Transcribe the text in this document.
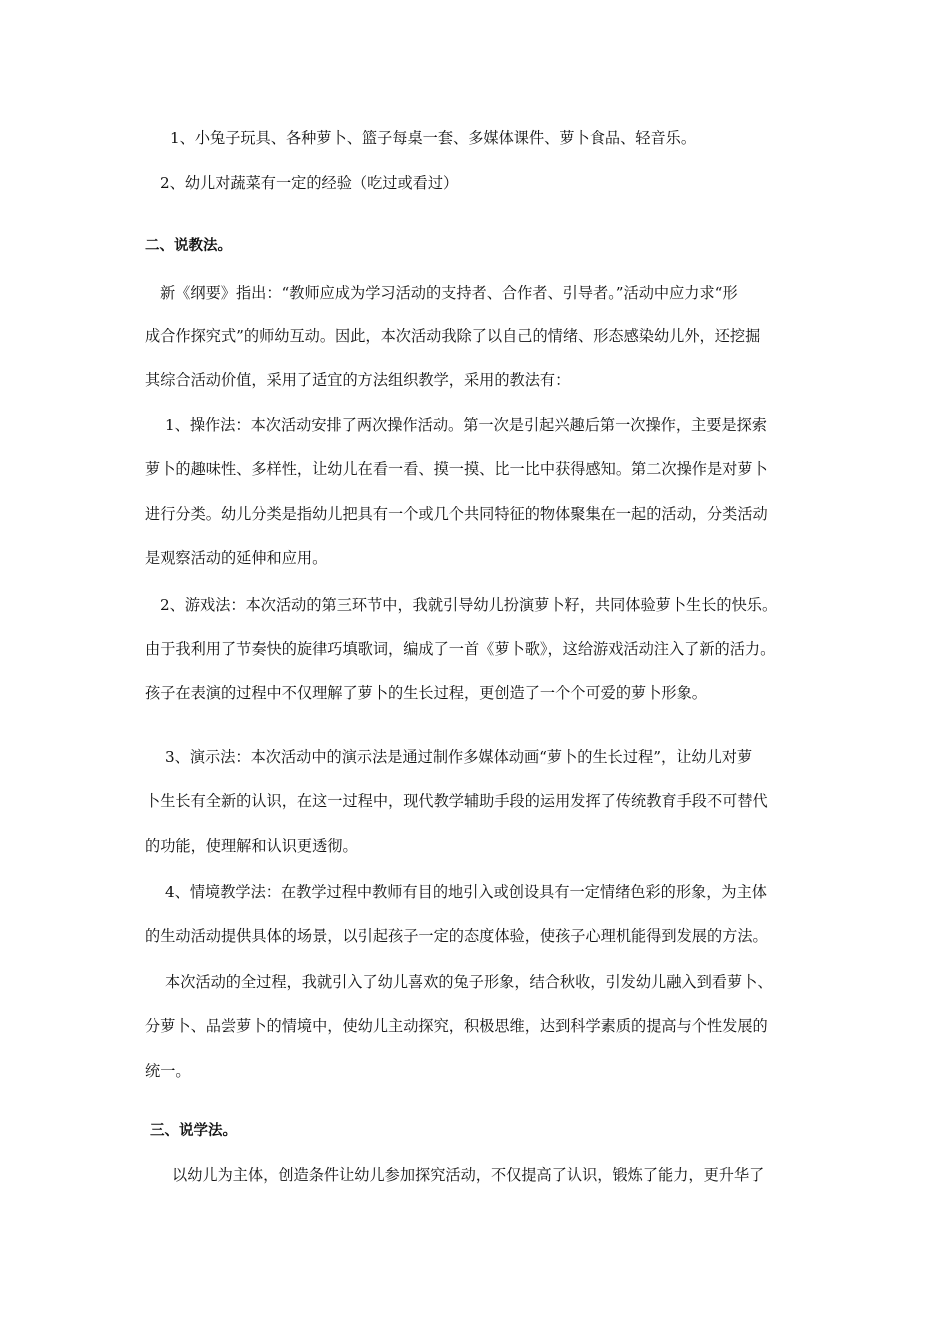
1、小兔子玩具、各种萝卜、篮子每桌一套、多媒体课件、萝卜食品、轻音乐。
2、幼儿对蔬菜有一定的经验（吃过或看过）
二、说教法。
新《纲要》指出：“教师应成为学习活动的支持者、合作者、引导者。”活动中应力求“形
成合作探究式”的师幼互动。因此，本次活动我除了以自己的情绪、形态感染幼儿外，还挖掘
其综合活动价值，采用了适宜的方法组织教学，采用的教法有：
1、操作法：本次活动安排了两次操作活动。第一次是引起兴趣后第一次操作，主要是探索
萝卜的趣味性、多样性，让幼儿在看一看、摸一摸、比一比中获得感知。第二次操作是对萝卜
进行分类。幼儿分类是指幼儿把具有一个或几个共同特征的物体聚集在一起的活动，分类活动
是观察活动的延伸和应用。
2、游戏法：本次活动的第三环节中，我就引导幼儿扮演萝卜籽，共同体验萝卜生长的快乐。
由于我利用了节奏快的旋律巧填歌词，编成了一首《萝卜歌》，这给游戏活动注入了新的活力。
孩子在表演的过程中不仅理解了萝卜的生长过程，更创造了一个个可爱的萝卜形象。
3、演示法：本次活动中的演示法是通过制作多媒体动画“萝卜的生长过程”，让幼儿对萝
卜生长有全新的认识，在这一过程中，现代教学辅助手段的运用发挥了传统教育手段不可替代
的功能，使理解和认识更透彻。
4、情境教学法：在教学过程中教师有目的地引入或创设具有一定情绪色彩的形象，为主体
的生动活动提供具体的场景，以引起孩子一定的态度体验，使孩子心理机能得到发展的方法。
本次活动的全过程，我就引入了幼儿喜欢的兔子形象，结合秋收，引发幼儿融入到看萝卜、
分萝卜、品尝萝卜的情境中，使幼儿主动探究，积极思维，达到科学素质的提高与个性发展的
统一。
三、说学法。
以幼儿为主体，创造条件让幼儿参加探究活动，不仅提高了认识，锻炼了能力，更升华了
